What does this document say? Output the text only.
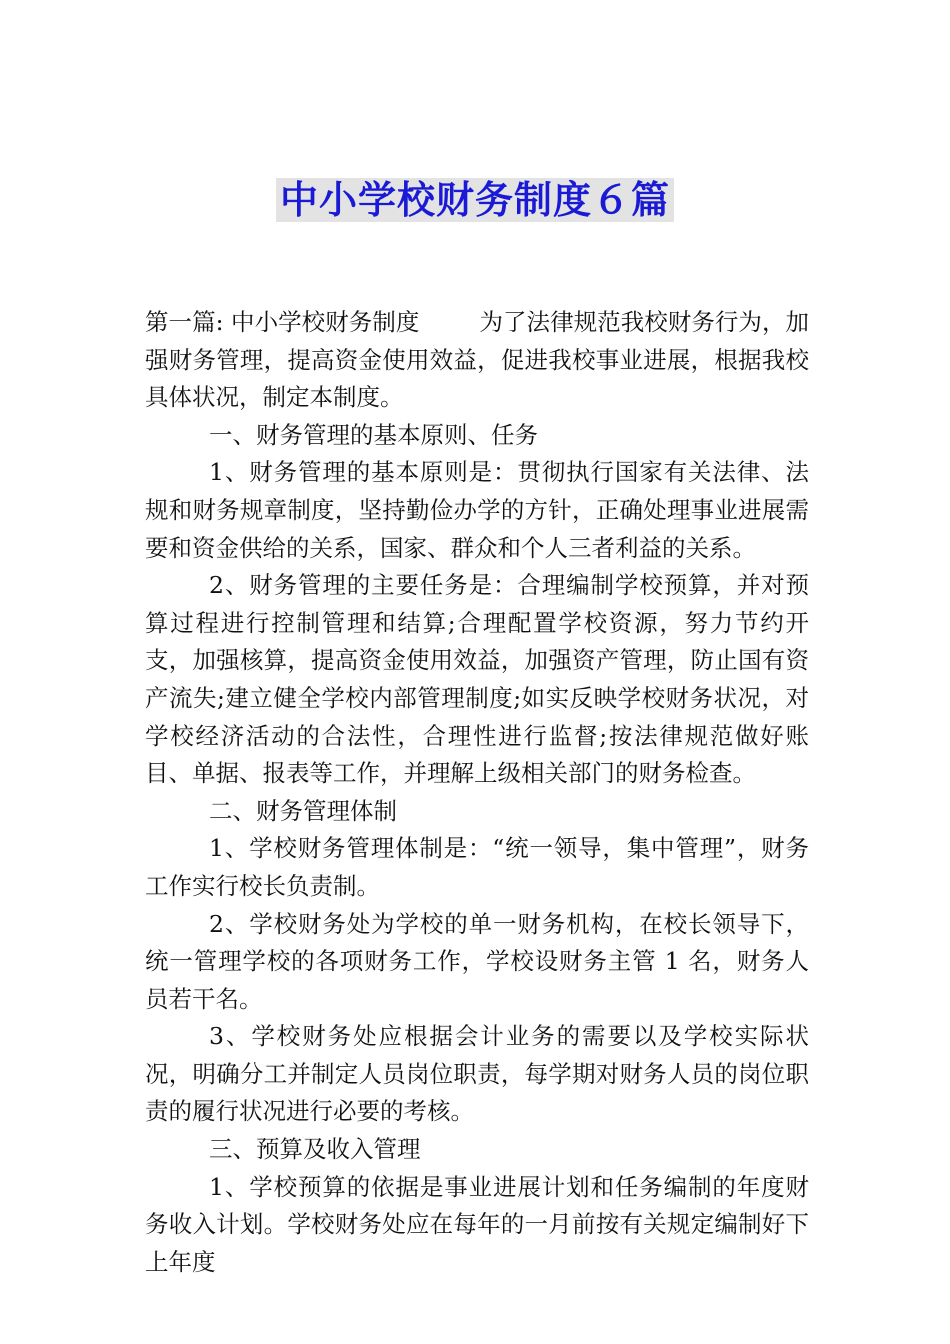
中小学校财务制度６篇

第一篇: 中小学校财务制度	为了法律规范我校财务行为，加强财务管理，提高资金使用效益，促进我校事业进展，根据我校具体状况，制定本制度。

一、财务管理的基本原则、任务

1、财务管理的基本原则是：贯彻执行国家有关法律、法规和财务规章制度，坚持勤俭办学的方针，正确处理事业进展需要和资金供给的关系，国家、群众和个人三者利益的关系。

2、财务管理的主要任务是：合理编制学校预算，并对预算过程进行控制管理和结算;合理配置学校资源，努力节约开支，加强核算，提高资金使用效益，加强资产管理，防止国有资产流失;建立健全学校内部管理制度;如实反映学校财务状况，对学校经济活动的合法性，合理性进行监督;按法律规范做好账目、单据、报表等工作，并理解上级相关部门的财务检查。

二、财务管理体制

1、学校财务管理体制是：“统一领导，集中管理”，财务工作实行校长负责制。

2、学校财务处为学校的单一财务机构，在校长领导下，统一管理学校的各项财务工作，学校设财务主管 1 名，财务人员若干名。

3、学校财务处应根据会计业务的需要以及学校实际状况，明确分工并制定人员岗位职责，每学期对财务人员的岗位职责的履行状况进行必要的考核。

三、预算及收入管理

1、学校预算的依据是事业进展计划和任务编制的年度财务收入计划。学校财务处应在每年的一月前按有关规定编制好下上年度
